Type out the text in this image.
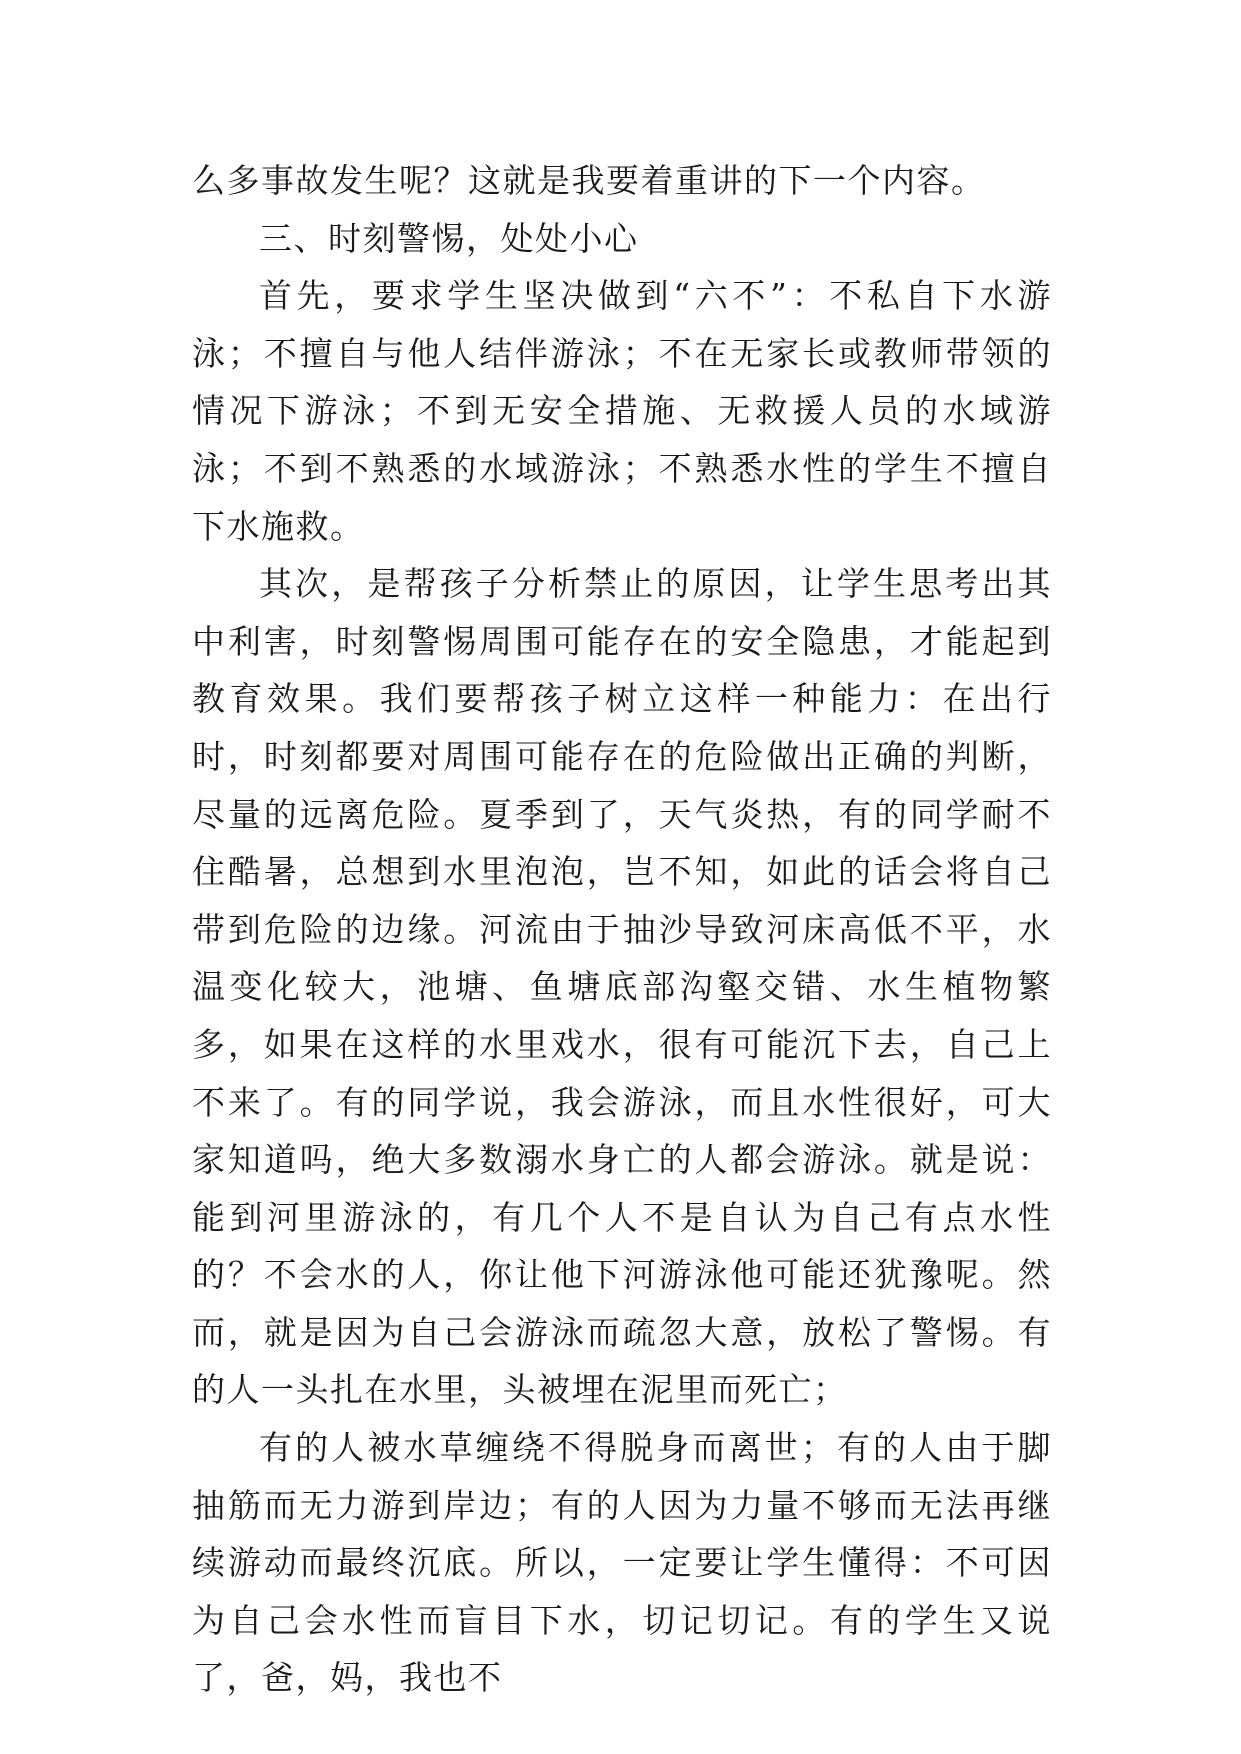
么多事故发生呢？这就是我要着重讲的下一个内容。

三、时刻警惕，处处小心

首先，要求学生坚决做到“六不”：不私自下水游泳；不擅自与他人结伴游泳；不在无家长或教师带领的情况下游泳；不到无安全措施、无救援人员的水域游泳；不到不熟悉的水域游泳；不熟悉水性的学生不擅自下水施救。

其次，是帮孩子分析禁止的原因，让学生思考出其中利害，时刻警惕周围可能存在的安全隐患，才能起到教育效果。我们要帮孩子树立这样一种能力：在出行时，时刻都要对周围可能存在的危险做出正确的判断，尽量的远离危险。夏季到了，天气炎热，有的同学耐不住酷暑，总想到水里泡泡，岂不知，如此的话会将自己带到危险的边缘。河流由于抽沙导致河床高低不平，水温变化较大，池塘、鱼塘底部沟壑交错、水生植物繁多，如果在这样的水里戏水，很有可能沉下去，自己上不来了。有的同学说，我会游泳，而且水性很好，可大家知道吗，绝大多数溺水身亡的人都会游泳。就是说：能到河里游泳的，有几个人不是自认为自己有点水性的？不会水的人，你让他下河游泳他可能还犹豫呢。然而，就是因为自己会游泳而疏忽大意，放松了警惕。有的人一头扎在水里，头被埋在泥里而死亡；

有的人被水草缠绕不得脱身而离世；有的人由于脚抽筋而无力游到岸边；有的人因为力量不够而无法再继续游动而最终沉底。所以，一定要让学生懂得：不可因为自己会水性而盲目下水，切记切记。有的学生又说了，爸，妈，我也不
